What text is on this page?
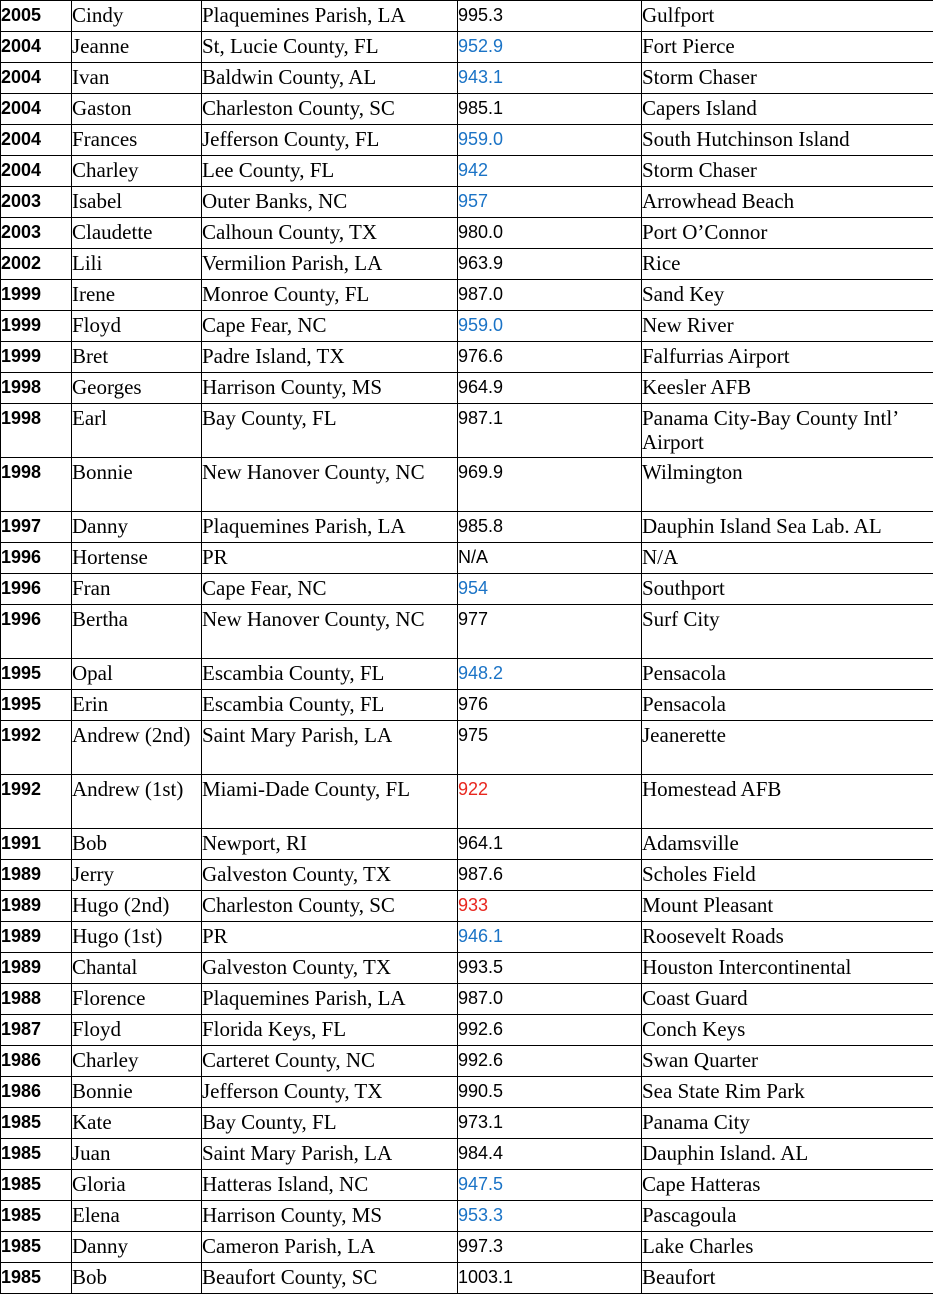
2005	Cindy	Plaquemines Parish, LA	995.3	Gulfport
2004	Jeanne	St, Lucie County, FL	952.9	Fort Pierce
2004	Ivan	Baldwin County, AL	943.1	Storm Chaser
2004	Gaston	Charleston County, SC	985.1	Capers Island
2004	Frances	Jefferson County, FL	959.0	South Hutchinson Island
2004	Charley	Lee County, FL	942	Storm Chaser
2003	Isabel	Outer Banks, NC	957	Arrowhead Beach
2003	Claudette	Calhoun County, TX	980.0	Port O’Connor
2002	Lili	Vermilion Parish, LA	963.9	Rice
1999	Irene	Monroe County, FL	987.0	Sand Key
1999	Floyd	Cape Fear, NC	959.0	New River
1999	Bret	Padre Island, TX	976.6	Falfurrias Airport
1998	Georges	Harrison County, MS	964.9	Keesler AFB
1998	Earl	Bay County, FL	987.1	Panama City-Bay County Intl’ Airport
1998	Bonnie	New Hanover County, NC	969.9	Wilmington
1997	Danny	Plaquemines Parish, LA	985.8	Dauphin Island Sea Lab. AL
1996	Hortense	PR	N/A	N/A
1996	Fran	Cape Fear, NC	954	Southport
1996	Bertha	New Hanover County, NC	977	Surf City
1995	Opal	Escambia County, FL	948.2	Pensacola
1995	Erin	Escambia County, FL	976	Pensacola
1992	Andrew (2nd)	Saint Mary Parish, LA	975	Jeanerette
1992	Andrew (1st)	Miami-Dade County, FL	922	Homestead AFB
1991	Bob	Newport, RI	964.1	Adamsville
1989	Jerry	Galveston County, TX	987.6	Scholes Field
1989	Hugo (2nd)	Charleston County, SC	933	Mount Pleasant
1989	Hugo (1st)	PR	946.1	Roosevelt Roads
1989	Chantal	Galveston County, TX	993.5	Houston Intercontinental
1988	Florence	Plaquemines Parish, LA	987.0	Coast Guard
1987	Floyd	Florida Keys, FL	992.6	Conch Keys
1986	Charley	Carteret County, NC	992.6	Swan Quarter
1986	Bonnie	Jefferson County, TX	990.5	Sea State Rim Park
1985	Kate	Bay County, FL	973.1	Panama City
1985	Juan	Saint Mary Parish, LA	984.4	Dauphin Island. AL
1985	Gloria	Hatteras Island, NC	947.5	Cape Hatteras
1985	Elena	Harrison County, MS	953.3	Pascagoula
1985	Danny	Cameron Parish, LA	997.3	Lake Charles
1985	Bob	Beaufort County, SC	1003.1	Beaufort
